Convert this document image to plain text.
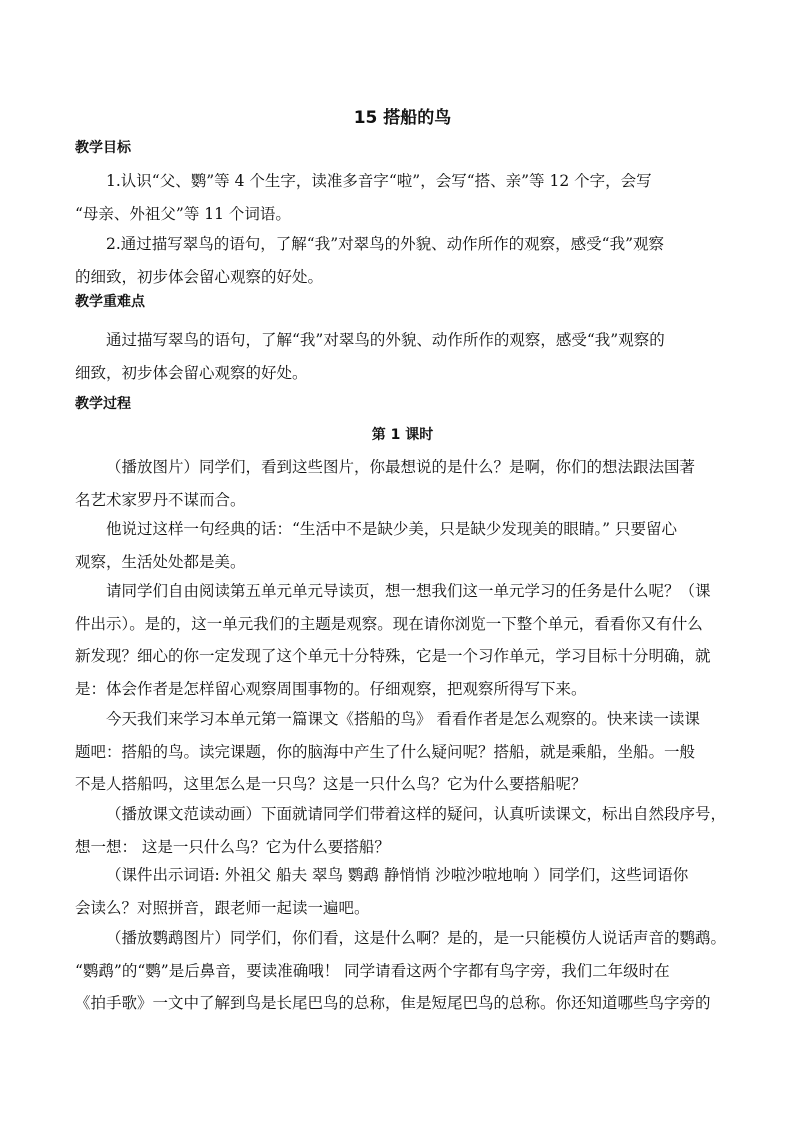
15 搭船的鸟
教学目标
1.认识“父、鹦”等 4 个生字，读准多音字“啦”，会写“搭、亲”等 12 个字，会写
“母亲、外祖父”等 11 个词语。
2.通过描写翠鸟的语句，了解“我”对翠鸟的外貌、动作所作的观察，感受“我”观察
的细致，初步体会留心观察的好处。
教学重难点
通过描写翠鸟的语句，了解“我”对翠鸟的外貌、动作所作的观察，感受“我”观察的
细致，初步体会留心观察的好处。
教学过程
第 1 课时
（播放图片）同学们，看到这些图片，你最想说的是什么？是啊，你们的想法跟法国著
名艺术家罗丹不谋而合。
他说过这样一句经典的话：“生活中不是缺少美，只是缺少发现美的眼睛。” 只要留心
观察，生活处处都是美。
请同学们自由阅读第五单元单元导读页，想一想我们这一单元学习的任务是什么呢？（课
件出示）。是的，这一单元我们的主题是观察。现在请你浏览一下整个单元，看看你又有什么
新发现？细心的你一定发现了这个单元十分特殊，它是一个习作单元，学习目标十分明确，就
是：体会作者是怎样留心观察周围事物的。仔细观察，把观察所得写下来。
今天我们来学习本单元第一篇课文《搭船的鸟》 看看作者是怎么观察的。快来读一读课
题吧：搭船的鸟。读完课题，你的脑海中产生了什么疑问呢？搭船，就是乘船，坐船。一般
不是人搭船吗，这里怎么是一只鸟？这是一只什么鸟？它为什么要搭船呢？
（播放课文范读动画）下面就请同学们带着这样的疑问，认真听读课文，标出自然段序号，
想一想： 这是一只什么鸟？它为什么要搭船？
（课件出示词语: 外祖父 船夫 翠鸟 鹦鹉 静悄悄 沙啦沙啦地响 ）同学们，这些词语你
会读么？对照拼音，跟老师一起读一遍吧。
（播放鹦鹉图片）同学们，你们看，这是什么啊？是的，是一只能模仿人说话声音的鹦鹉。
“鹦鹉”的“鹦”是后鼻音，要读准确哦！ 同学请看这两个字都有鸟字旁，我们二年级时在
《拍手歌》一文中了解到鸟是长尾巴鸟的总称，隹是短尾巴鸟的总称。你还知道哪些鸟字旁的
